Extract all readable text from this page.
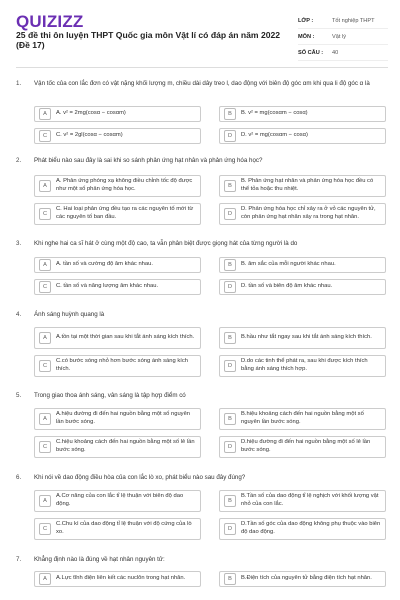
QUIZIZZ
25 đề thi ôn luyện THPT Quốc gia môn Vật lí có đáp án năm 2022 (Đề 17)
LỚP :	Tốt nghiệp THPT
MÔN :	Vật lý
SỐ CÂU :	40
1. Vận tốc của con lắc đơn có vật nặng khối lượng m, chiều dài dây treo l, dao động với biên độ góc αm khi qua li độ góc α là
A	A. v² = 2mg(cosα − cosαm)	B	B. v² = mg(cosαm − cosα)
C	C. v² = 2gl(cosα − cosαm)	D	D. v² = mg(cosαm − cosα)
2. Phát biểu nào sau đây là sai khi so sánh phản ứng hạt nhân và phản ứng hóa học?
A
A. Phản ứng phóng xạ không điều chỉnh tốc độ được như một số phản ứng hóa học.	B
B. Phản ứng hạt nhân và phản ứng hóa học đều có thể tỏa hoặc thu nhiệt.
C
C. Hai loại phản ứng đều tạo ra các nguyên tố mới từ các nguyên tố ban đầu.	D
D. Phản ứng hóa học chỉ xảy ra ở vỏ các nguyên tử, còn phản ứng hạt nhân xảy ra trong hạt nhân.
3. Khi nghe hai ca sĩ hát ở cùng một độ cao, ta vẫn phân biệt được giọng hát của từng người là do
A	A. tần số và cường độ âm khác nhau.	B	B. âm sắc của mỗi người khác nhau.
C	C. tần số và năng lượng âm khác nhau.	D	D. tần số và biên độ âm khác nhau.
4. Ánh sáng huỳnh quang là
A	A.tồn tại một thời gian sau khi tắt ánh sáng kích thích.	B	B.hầu như tắt ngay sau khi tắt ánh sáng kích thích.
C
C.có bước sóng nhỏ hơn bước sóng ánh sáng kích thích.	D
D.do các tinh thể phát ra, sau khi được kích thích bằng ánh sáng thích hợp.
5. Trong giao thoa ánh sáng, vân sáng là tập hợp điểm có
A
A.hiệu đường đi đến hai nguồn bằng một số nguyên lần bước sóng.	B
B.hiệu khoảng cách đến hai nguồn bằng một số nguyên lần bước sóng.
C
C.hiệu khoảng cách đến hai nguồn bằng một số lẻ lần bước sóng.	D
D.hiệu đường đi đến hai nguồn bằng một số lẻ lần bước sóng.
6. Khi nói về dao động điều hòa của con lắc lò xo, phát biểu nào sau đây đúng?
A
A.Cơ năng của con lắc tỉ lệ thuận với biên độ dao động.	B
B.Tần số của dao động tỉ lệ nghịch với khối lượng vật nhỏ của con lắc.
C
C.Chu kì của dao động tỉ lệ thuận với độ cứng của lò xo.	D
D.Tần số góc của dao động không phụ thuộc vào biên độ dao động.
7. Khẳng định nào là đúng về hạt nhân nguyên tử:
A	A.Lực tĩnh điện liên kết các nuclôn trong hạt nhân.	B	B.Điện tích của nguyên tử bằng điện tích hạt nhân.
